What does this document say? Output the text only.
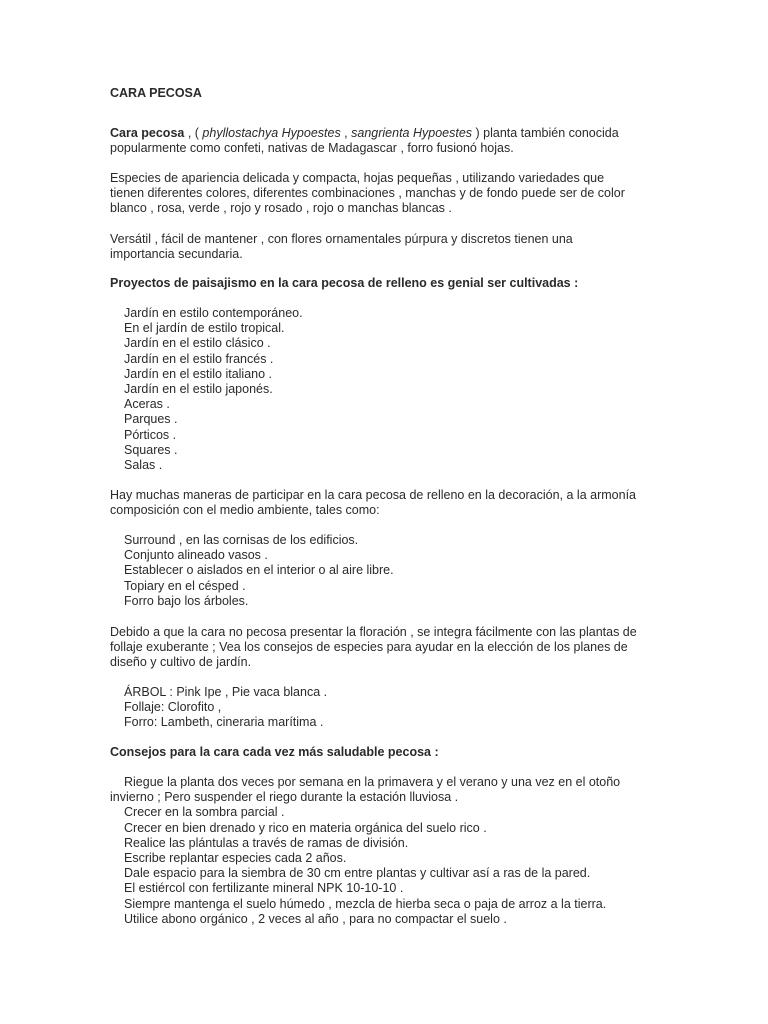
CARA PECOSA

Cara pecosa , ( phyllostachya Hypoestes , sangrienta Hypoestes ) planta también conocida
popularmente como confeti, nativas de Madagascar , forro fusionó hojas.

Especies de apariencia delicada y compacta, hojas pequeñas , utilizando variedades que
tienen diferentes colores, diferentes combinaciones , manchas y de fondo puede ser de color
blanco , rosa, verde , rojo y rosado , rojo o manchas blancas .

Versátil , fácil de mantener , con flores ornamentales púrpura y discretos tienen una
importancia secundaria.

Proyectos de paisajismo en la cara pecosa de relleno es genial ser cultivadas :
Jardín en estilo contemporáneo.
En el jardín de estilo tropical.
Jardín en el estilo clásico .
Jardín en el estilo francés .
Jardín en el estilo italiano .
Jardín en el estilo japonés.
Aceras .
Parques .
Pórticos .
Squares .
Salas .

Hay muchas maneras de participar en la cara pecosa de relleno en la decoración, a la armonía
composición con el medio ambiente, tales como:

Surround , en las cornisas de los edificios.
Conjunto alineado vasos .
Establecer o aislados en el interior o al aire libre.
Topiary en el césped .
Forro bajo los árboles.

Debido a que la cara no pecosa presentar la floración , se integra fácilmente con las plantas de
follaje exuberante ; Vea los consejos de especies para ayudar en la elección de los planes de
diseño y cultivo de jardín.

ÁRBOL : Pink Ipe , Pie vaca blanca .
Follaje: Clorofito ,
Forro: Lambeth, cineraria marítima .
Consejos para la cara cada vez más saludable pecosa :
Riegue la planta dos veces por semana en la primavera y el verano y una vez en el otoño
invierno ; Pero suspender el riego durante la estación lluviosa .
Crecer en la sombra parcial .
Crecer en bien drenado y rico en materia orgánica del suelo rico .
Realice las plántulas a través de ramas de división.
Escribe replantar especies cada 2 años.
Dale espacio para la siembra de 30 cm entre plantas y cultivar así a ras de la pared.
El estiércol con fertilizante mineral NPK 10-10-10 .
Siempre mantenga el suelo húmedo , mezcla de hierba seca o paja de arroz a la tierra.
Utilice abono orgánico , 2 veces al año , para no compactar el suelo .
